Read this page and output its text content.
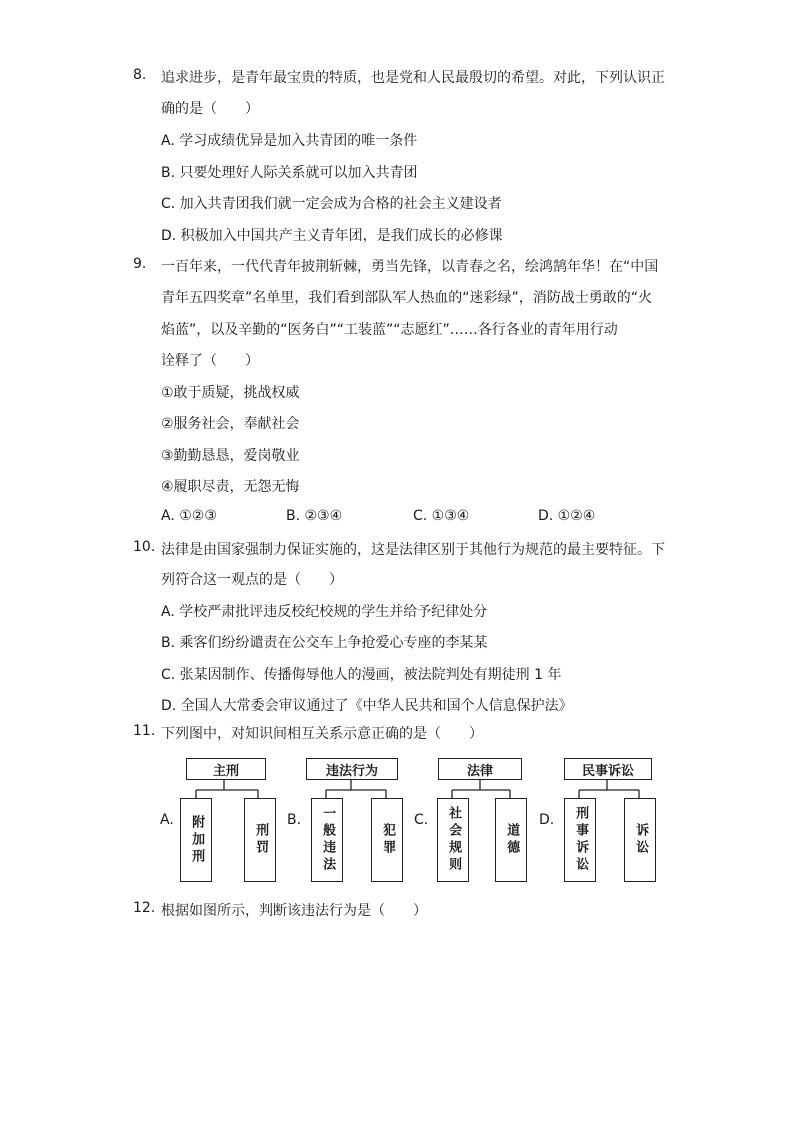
8. 追求进步，是青年最宝贵的特质，也是党和人民最殷切的希望。对此，下列认识正
确的是（　　）
A. 学习成绩优异是加入共青团的唯一条件
B. 只要处理好人际关系就可以加入共青团
C. 加入共青团我们就一定会成为合格的社会主义建设者
D. 积极加入中国共产主义青年团，是我们成长的必修课
9. 一百年来，一代代青年披荆斩棘，勇当先锋，以青春之名，绘鸿鹄年华！在“中国
青年五四奖章”名单里，我们看到部队军人热血的“迷彩绿”，消防战士勇敢的“火
焰蓝”，以及辛勤的“医务白”“工装蓝”“志愿红”……各行各业的青年用行动
诠释了（　　）
①敢于质疑，挑战权威
②服务社会，奉献社会
③勤勤恳恳，爱岗敬业
④履职尽责，无怨无悔
A. ①②③	B. ②③④	C. ①③④	D. ①②④
10. 法律是由国家强制力保证实施的，这是法律区别于其他行为规范的最主要特征。下
列符合这一观点的是（　　）
A. 学校严肃批评违反校纪校规的学生并给予纪律处分
B. 乘客们纷纷谴责在公交车上争抢爱心专座的李某某
C. 张某因制作、传播侮辱他人的漫画，被法院判处有期徒刑 1 年
D. 全国人大常委会审议通过了《中华人民共和国个人信息保护法》
11. 下列图中，对知识间相互关系示意正确的是（　　）
A.
主刑
附加刑	刑罚
B.
违法行为
一般违法	犯罪
C.
法律
社会规则	道德
D.
民事诉讼
刑事诉讼	诉讼
12. 根据如图所示，判断该违法行为是（　　）
